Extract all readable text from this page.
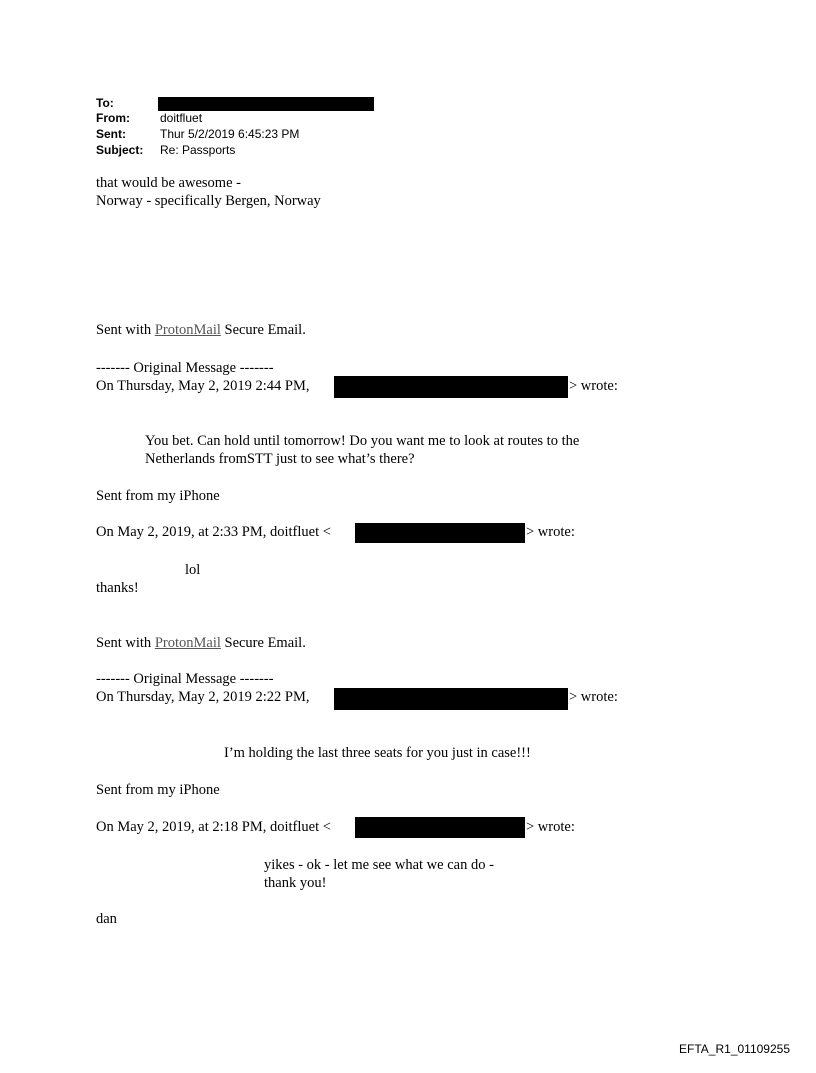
To:
From:	doitfluet
Sent:	Thur 5/2/2019 6:45:23 PM
Subject: Re: Passports
that would be awesome -
Norway - specifically Bergen, Norway
Sent with ProtonMail Secure Email.
------- Original Message -------
On Thursday, May 2, 2019 2:44 PM,	> wrote:
You bet. Can hold until tomorrow! Do you want me to look at routes to the
Netherlands fromSTT just to see what’s there?
Sent from my iPhone
On May 2, 2019, at 2:33 PM, doitfluet <	> wrote:
lol
thanks!
Sent with ProtonMail Secure Email.
------- Original Message -------
On Thursday, May 2, 2019 2:22 PM,	> wrote:
I’m holding the last three seats for you just in case!!!
Sent from my iPhone
On May 2, 2019, at 2:18 PM, doitfluet <	> wrote:
yikes - ok - let me see what we can do -
thank you!
dan
EFTA_R1_01109255
